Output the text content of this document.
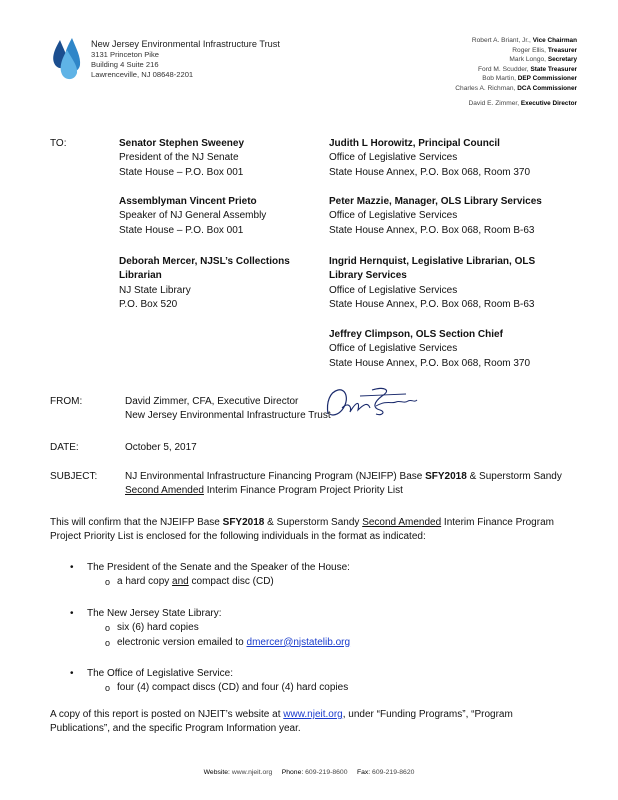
New Jersey Environmental Infrastructure Trust
3131 Princeton Pike
Building 4 Suite 216
Lawrenceville, NJ 08648-2201
Robert A. Briant, Jr., Vice Chairman
Roger Ellis, Treasurer
Mark Longo, Secretary
Ford M. Scudder, State Treasurer
Bob Martin, DEP Commissioner
Charles A. Richman, DCA Commissioner
David E. Zimmer, Executive Director
TO:	Senator Stephen Sweeney
President of the NJ Senate
State House – P.O. Box 001
Assemblyman Vincent Prieto
Speaker of NJ General Assembly
State House – P.O. Box 001
Deborah Mercer, NJSL’s Collections Librarian
NJ State Library
P.O. Box 520
Judith L Horowitz, Principal Council
Office of Legislative Services
State House Annex, P.O. Box 068, Room 370
Peter Mazzie, Manager, OLS Library Services
Office of Legislative Services
State House Annex, P.O. Box 068, Room B-63
Ingrid Hernquist, Legislative Librarian, OLS Library Services
Office of Legislative Services
State House Annex, P.O. Box 068, Room B-63
Jeffrey Climpson, OLS Section Chief
Office of Legislative Services
State House Annex, P.O. Box 068, Room 370
FROM:	David Zimmer, CFA, Executive Director
New Jersey Environmental Infrastructure Trust
DATE:	October 5, 2017
SUBJECT:	NJ Environmental Infrastructure Financing Program (NJEIFP) Base SFY2018 & Superstorm Sandy Second Amended Interim Finance Program Project Priority List
This will confirm that the NJEIFP Base SFY2018 & Superstorm Sandy Second Amended Interim Finance Program Project Priority List is enclosed for the following individuals in the format as indicated:
• The President of the Senate and the Speaker of the House:
o a hard copy and compact disc (CD)
• The New Jersey State Library:
o six (6) hard copies
o electronic version emailed to dmercer@njstatelib.org
• The Office of Legislative Service:
o four (4) compact discs (CD) and four (4) hard copies
A copy of this report is posted on NJEIT’s website at www.njeit.org, under “Funding Programs”, “Program Publications”, and the specific Program Information year.
Website: www.njeit.org Phone: 609-219-8600 Fax: 609-219-8620
